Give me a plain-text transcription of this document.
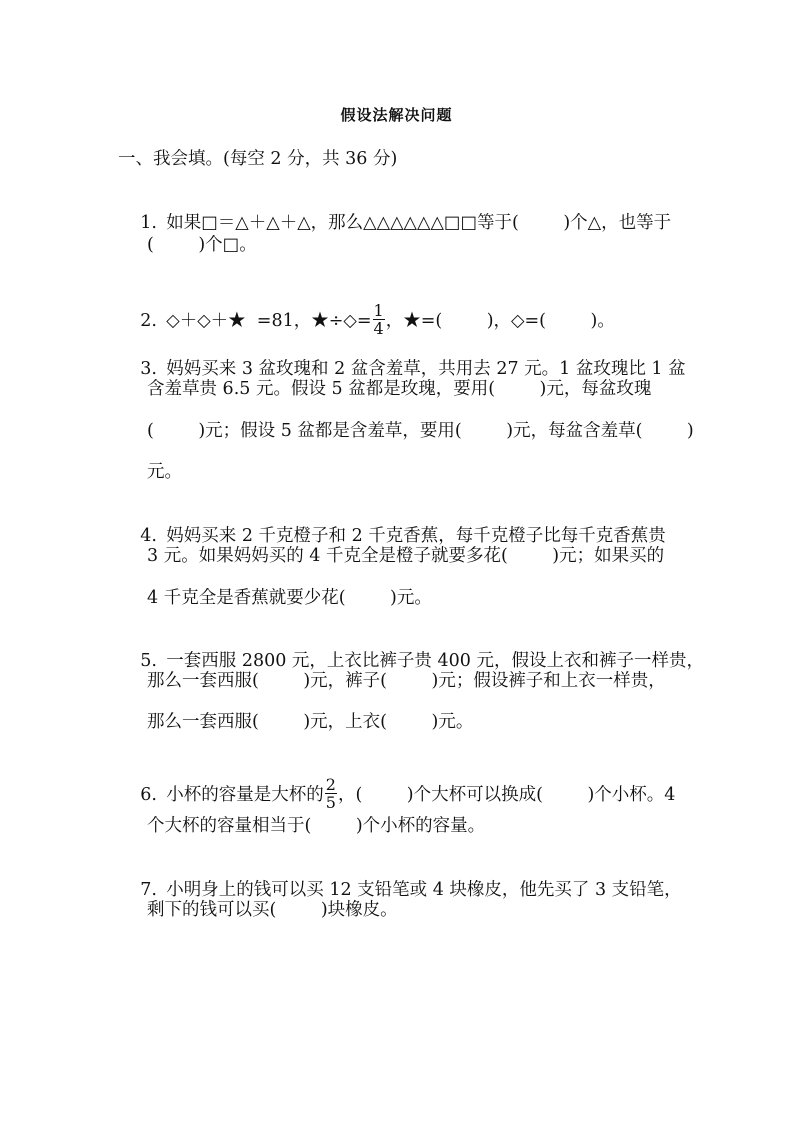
假设法解决问题
一、我会填。(每空 2 分，共 36 分)

1. 如果□＝△＋△＋△，那么△△△△△△□□等于(        )个△，也等于

(        )个□。

2. ◇＋◇＋★  =81，★÷◇= $\frac{1}{4}$ ，★=(        )，◇=(        )。

3. 妈妈买来 3 盆玫瑰和 2 盆含羞草，共用去 27 元。1 盆玫瑰比 1 盆

含羞草贵 6.5 元。假设 5 盆都是玫瑰，要用(        )元，每盆玫瑰
(        )元；假设 5 盆都是含羞草，要用(        )元，每盆含羞草(        )
元。

4. 妈妈买来 2 千克橙子和 2 千克香蕉，每千克橙子比每千克香蕉贵

3 元。如果妈妈买的 4 千克全是橙子就要多花(        )元；如果买的
4 千克全是香蕉就要少花(        )元。

5. 一套西服 2800 元，上衣比裤子贵 400 元，假设上衣和裤子一样贵，

那么一套西服(        )元，裤子(        )元；假设裤子和上衣一样贵，
那么一套西服(        )元，上衣(        )元。

6. 小杯的容量是大杯的 $\frac{2}{5}$ ，(        )个大杯可以换成(        )个小杯。4

个大杯的容量相当于(        )个小杯的容量。

7. 小明身上的钱可以买 12 支铅笔或 4 块橡皮，他先买了 3 支铅笔，

剩下的钱可以买(        )块橡皮。
